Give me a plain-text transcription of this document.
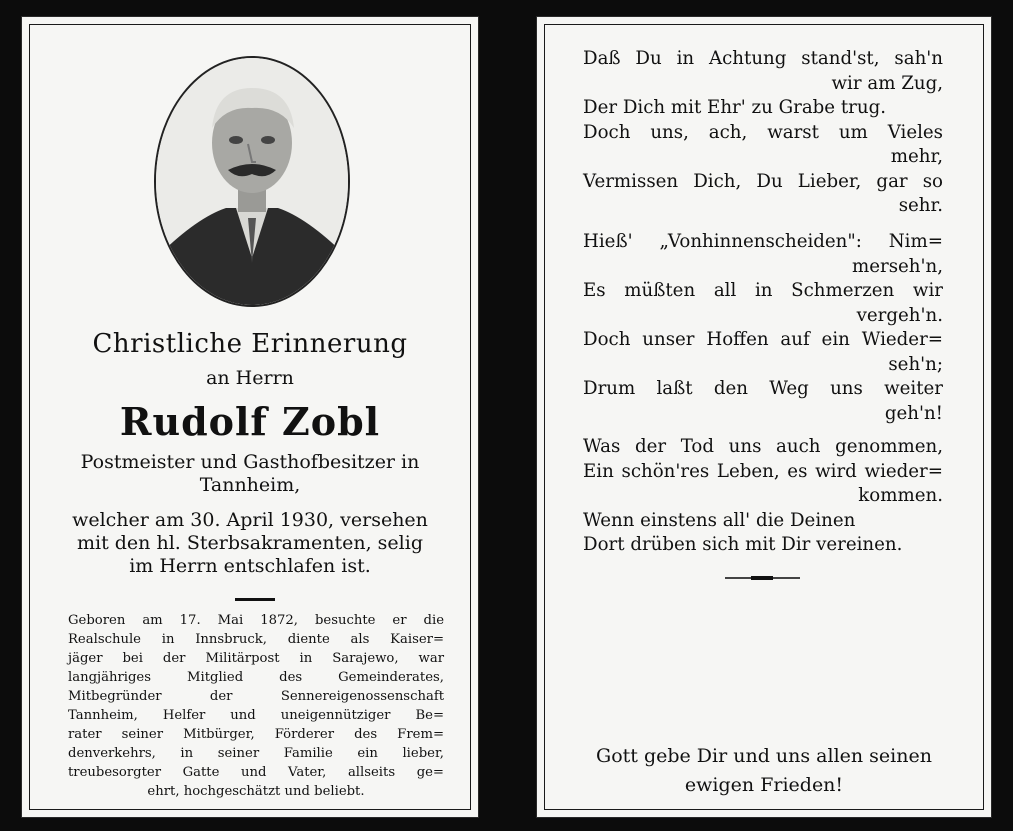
Christliche Erinnerung
an Herrn
Rudolf Zobl
Postmeister und Gasthofbesitzer in
Tannheim,
welcher am 30. April 1930, versehen
mit den hl. Sterbsakramenten, selig
im Herrn entschlafen ist.
Geboren am 17. Mai 1872, besuchte er die
Realschule in Innsbruck, diente als Kaiser=
jäger bei der Militärpost in Sarajewo, war
langjähriges Mitglied des Gemeinderates,
Mitbegründer der Sennereigenossenschaft
Tannheim, Helfer und uneigennütziger Be=
rater seiner Mitbürger, Förderer des Frem=
denverkehrs, in seiner Familie ein lieber,
treubesorgter Gatte und Vater, allseits ge=
ehrt, hochgeschätzt und beliebt.
Daß Du in Achtung stand'st, sah'n
wir am Zug,
Der Dich mit Ehr' zu Grabe trug.
Doch uns, ach, warst um Vieles
mehr,
Vermissen Dich, Du Lieber, gar so
sehr.
Hieß' „Vonhinnenscheiden": Nim=
merseh'n,
Es müßten all in Schmerzen wir
vergeh'n.
Doch unser Hoffen auf ein Wieder=
seh'n;
Drum laßt den Weg uns weiter
geh'n!
Was der Tod uns auch genommen,
Ein schön'res Leben, es wird wieder=
kommen.
Wenn einstens all' die Deinen
Dort drüben sich mit Dir vereinen.
Gott gebe Dir und uns allen seinen
ewigen Frieden!
